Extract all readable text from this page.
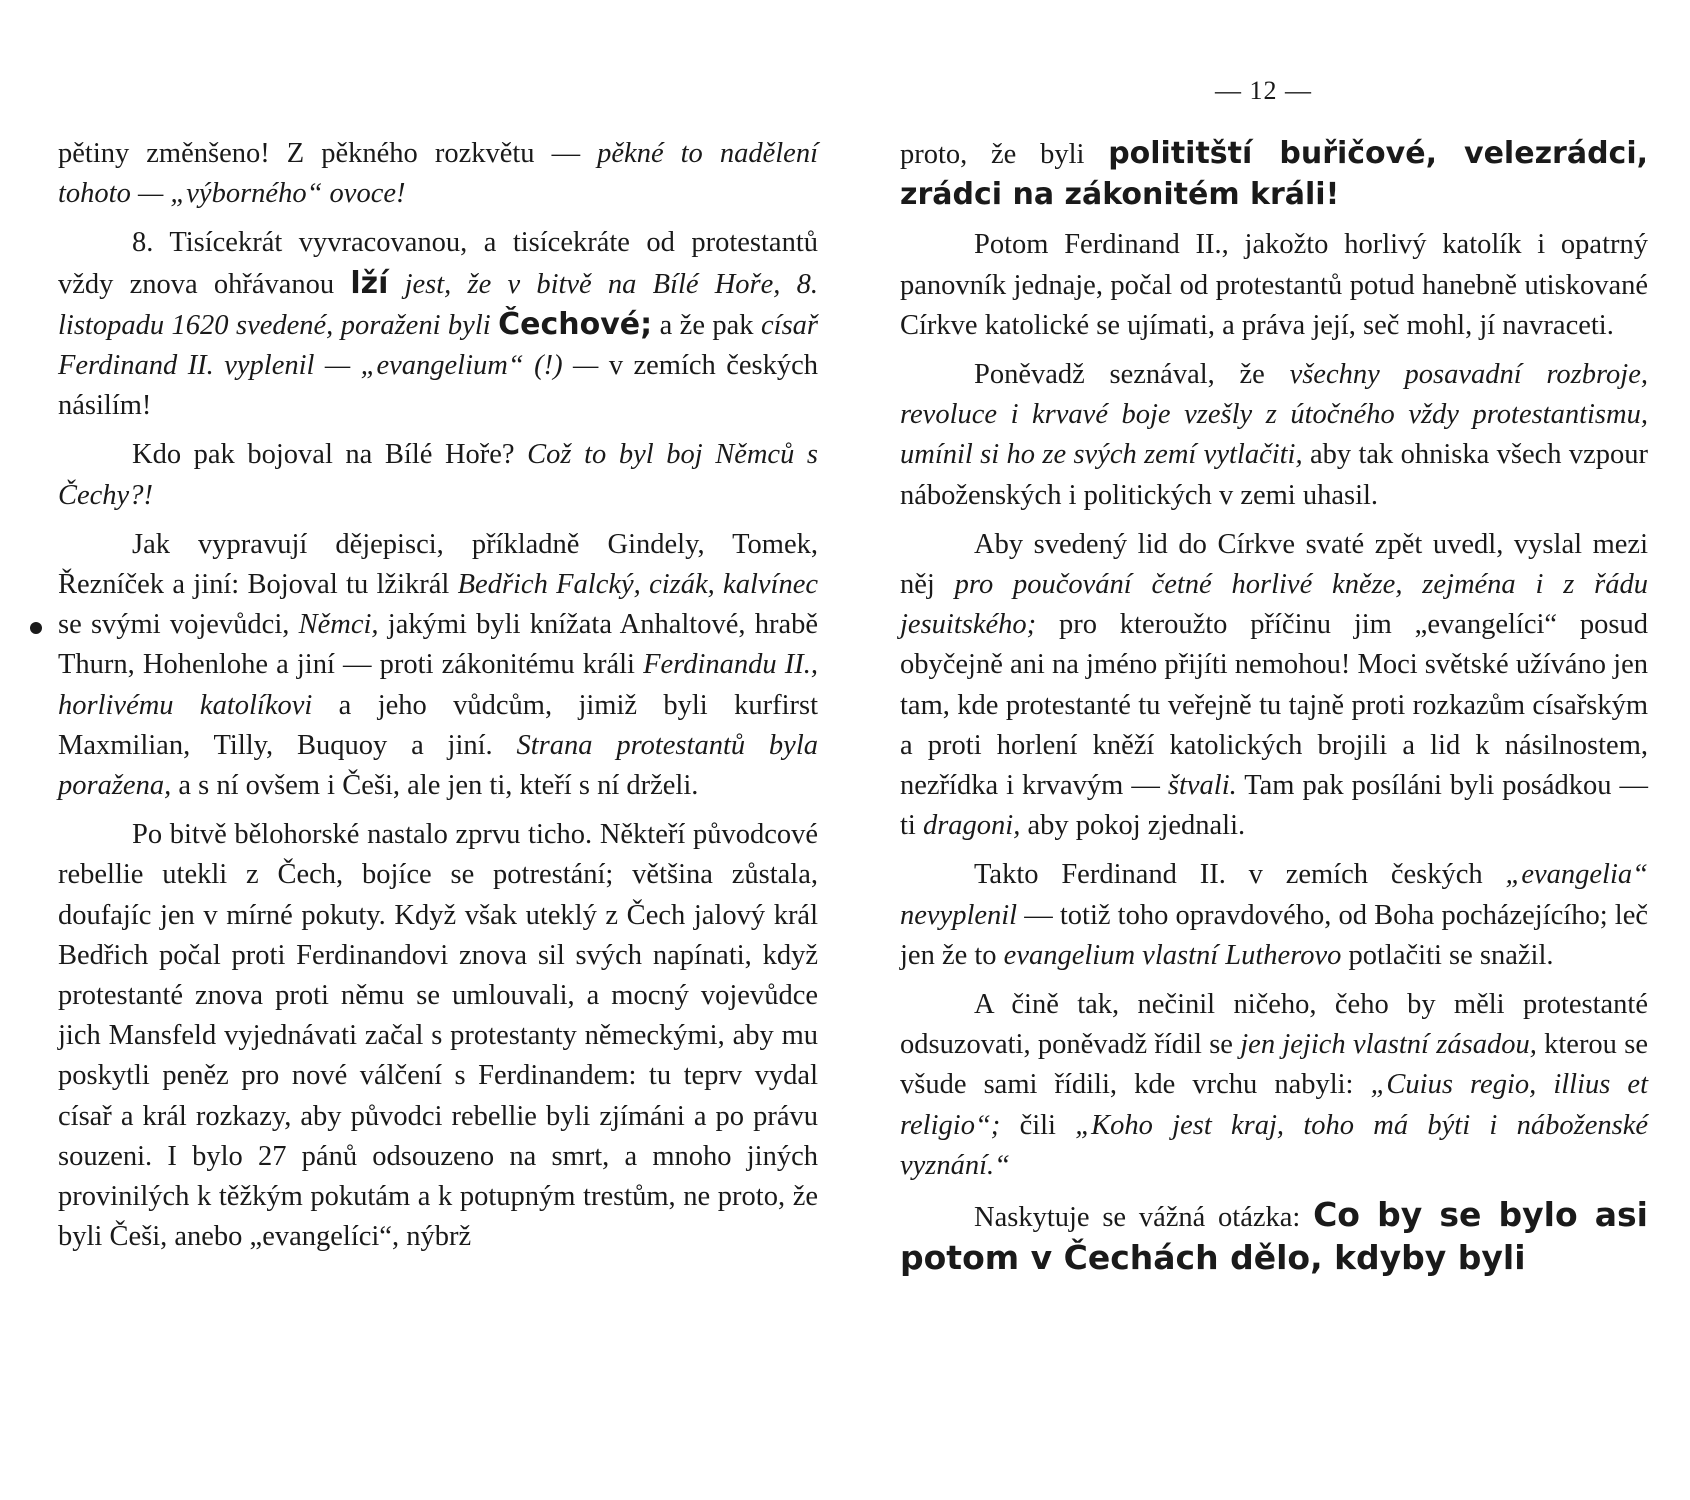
— 12 —

pětiny změnšeno! Z pěkného rozkvětu — pěkné to nadělení tohoto — „výborného“ ovoce!

8. Tisícekrát vyvracovanou, a tisícekráte od protestantů vždy znova ohřávanou lží jest, že v bitvě na Bílé Hoře, 8. listopadu 1620 svedené, poraženi byli Čechové; a že pak císař Ferdinand II. vyplenil — „evangelium“ (!) — v zemích českých násilím!

Kdo pak bojoval na Bílé Hoře? Což to byl boj Němců s Čechy?!

Jak vypravují dějepisci, příkladně Gindely, Tomek, Řezníček a jiní: Bojoval tu lžikrál Bedřich Falcký, cizák, kalvínec se svými vojevůdci, Němci, jakými byli knížata Anhaltové, hrabě Thurn, Hohenlohe a jiní — proti zákonitému králi Ferdinandu II., horlivému katolíkovi a jeho vůdcům, jimiž byli kurfirst Maxmilian, Tilly, Buquoy a jiní. Strana protestantů byla poražena, a s ní ovšem i Češi, ale jen ti, kteří s ní drželi.

Po bitvě bělohorské nastalo zprvu ticho. Někteří původcové rebellie utekli z Čech, bojíce se potrestání; většina zůstala, doufajíc jen v mírné pokuty. Když však uteklý z Čech jalový král Bedřich počal proti Ferdinandovi znova sil svých napínati, když protestanté znova proti němu se umlouvali, a mocný vojevůdce jich Mansfeld vyjednávati začal s protestanty německými, aby mu poskytli peněz pro nové válčení s Ferdinandem: tu teprv vydal císař a král rozkazy, aby původci rebellie byli zjímáni a po právu souzeni. I bylo 27 pánů odsouzeno na smrt, a mnoho jiných provinilých k těžkým pokutám a k potupným trestům, ne proto, že byli Češi, anebo „evangelíci“, nýbrž

proto, že byli polititští buřičové, velezrádci, zrádci na zákonitém králi!

Potom Ferdinand II., jakožto horlivý katolík i opatrný panovník jednaje, počal od protestantů potud hanebně utiskované Církve katolické se ujímati, a práva její, seč mohl, jí navraceti.

Poněvadž seznával, že všechny posavadní rozbroje, revoluce i krvavé boje vzešly z útočného vždy protestantismu, umínil si ho ze svých zemí vytlačiti, aby tak ohniska všech vzpour náboženských i politických v zemi uhasil.

Aby svedený lid do Církve svaté zpět uvedl, vyslal mezi něj pro poučování četné horlivé kněze, zejména i z řádu jesuitského; pro kteroužto příčinu jim „evangelíci“ posud obyčejně ani na jméno přijíti nemohou! Moci světské užíváno jen tam, kde protestanté tu veřejně tu tajně proti rozkazům císařským a proti horlení kněží katolických brojili a lid k násilnostem, nezřídka i krvavým — štvali. Tam pak posíláni byli posádkou — ti dragoni, aby pokoj zjednali.

Takto Ferdinand II. v zemích českých „evangelia“ nevyplenil — totiž toho opravdového, od Boha pocházejícího; leč jen že to evangelium vlastní Lutherovo potlačiti se snažil.

A čině tak, nečinil ničeho, čeho by měli protestanté odsuzovati, poněvadž řídil se jen jejich vlastní zásadou, kterou se všude sami řídili, kde vrchu nabyli: „Cuius regio, illius et religio“; čili „Koho jest kraj, toho má býti i náboženské vyznání.“

Naskytuje se vážná otázka: Co by se bylo asi potom v Čechách dělo, kdyby byli
